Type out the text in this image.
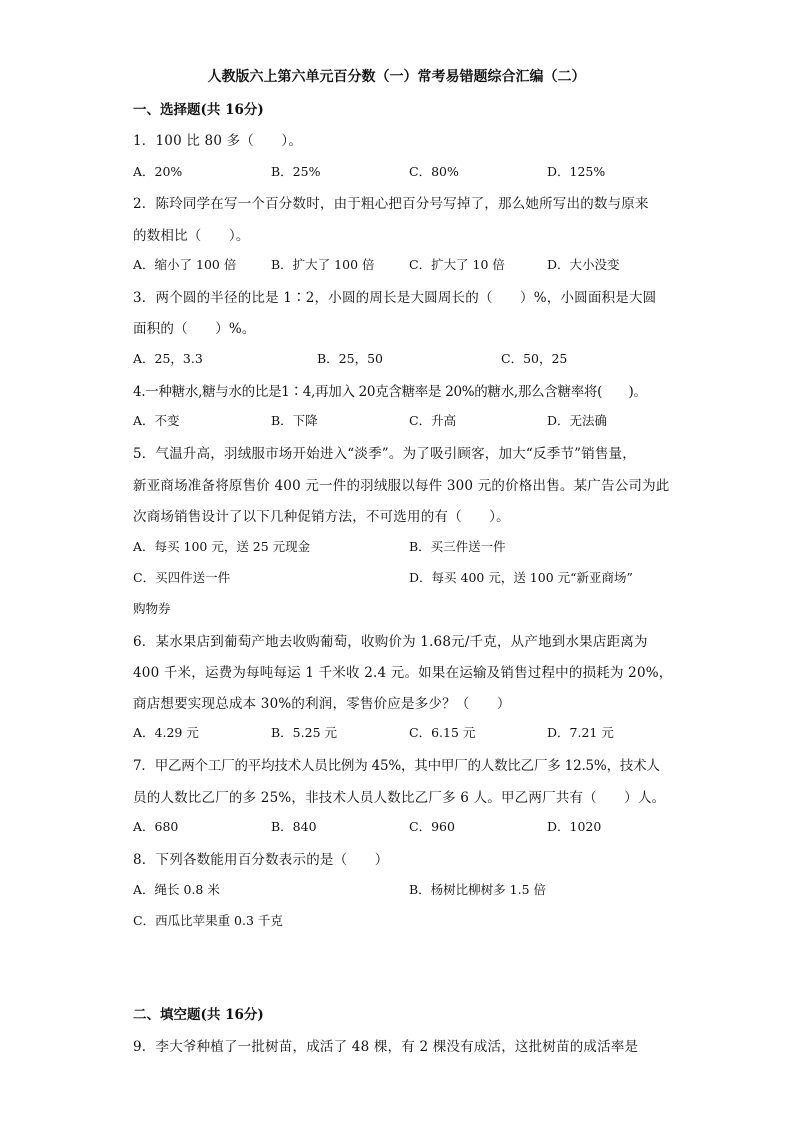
人教版六上第六单元百分数（一）常考易错题综合汇编（二）
一、选择题(共 16分)
1．100 比 80 多（　　）。
A．20%	B．25%	C．80%	D．125%
2．陈玲同学在写一个百分数时，由于粗心把百分号写掉了，那么她所写出的数与原来
的数相比（　　）。
A．缩小了 100 倍	B．扩大了 100 倍	C．扩大了 10 倍	D．大小没变
3．两个圆的半径的比是 1∶2，小圆的周长是大圆周长的（　　）%，小圆面积是大圆
面积的（　　）%。
A．25，3.3	B．25，50	C．50，25
4.一种糖水,糖与水的比是1∶4,再加入 20克含糖率是 20%的糖水,那么含糖率将(　　)。
A．不变	B．下降	C．升高	D．无法确
5．气温升高，羽绒服市场开始进入“淡季”。为了吸引顾客，加大“反季节”销售量，
新亚商场准备将原售价 400 元一件的羽绒服以每件 300 元的价格出售。某广告公司为此
次商场销售设计了以下几种促销方法，不可选用的有（　　）。
A．每买 100 元，送 25 元现金	B．买三件送一件
C．买四件送一件	D．每买 400 元，送 100 元“新亚商场”
购物券
6．某水果店到葡萄产地去收购葡萄，收购价为 1.68元/千克，从产地到水果店距离为
400 千米，运费为每吨每运 1 千米收 2.4 元。如果在运输及销售过程中的损耗为 20%，
商店想要实现总成本 30%的利润，零售价应是多少？（　　）
A．4.29 元	B．5.25 元	C．6.15 元	D．7.21 元
7．甲乙两个工厂的平均技术人员比例为 45%，其中甲厂的人数比乙厂多 12.5%，技术人
员的人数比乙厂的多 25%，非技术人员人数比乙厂多 6 人。甲乙两厂共有（　　）人。
A．680	B．840	C．960	D．1020
8．下列各数能用百分数表示的是（　　）
A．绳长 0.8 米	B．杨树比柳树多 1.5 倍
C．西瓜比苹果重 0.3 千克
二、填空题(共 16分)
9．李大爷种植了一批树苗，成活了 48 棵，有 2 棵没有成活，这批树苗的成活率是
